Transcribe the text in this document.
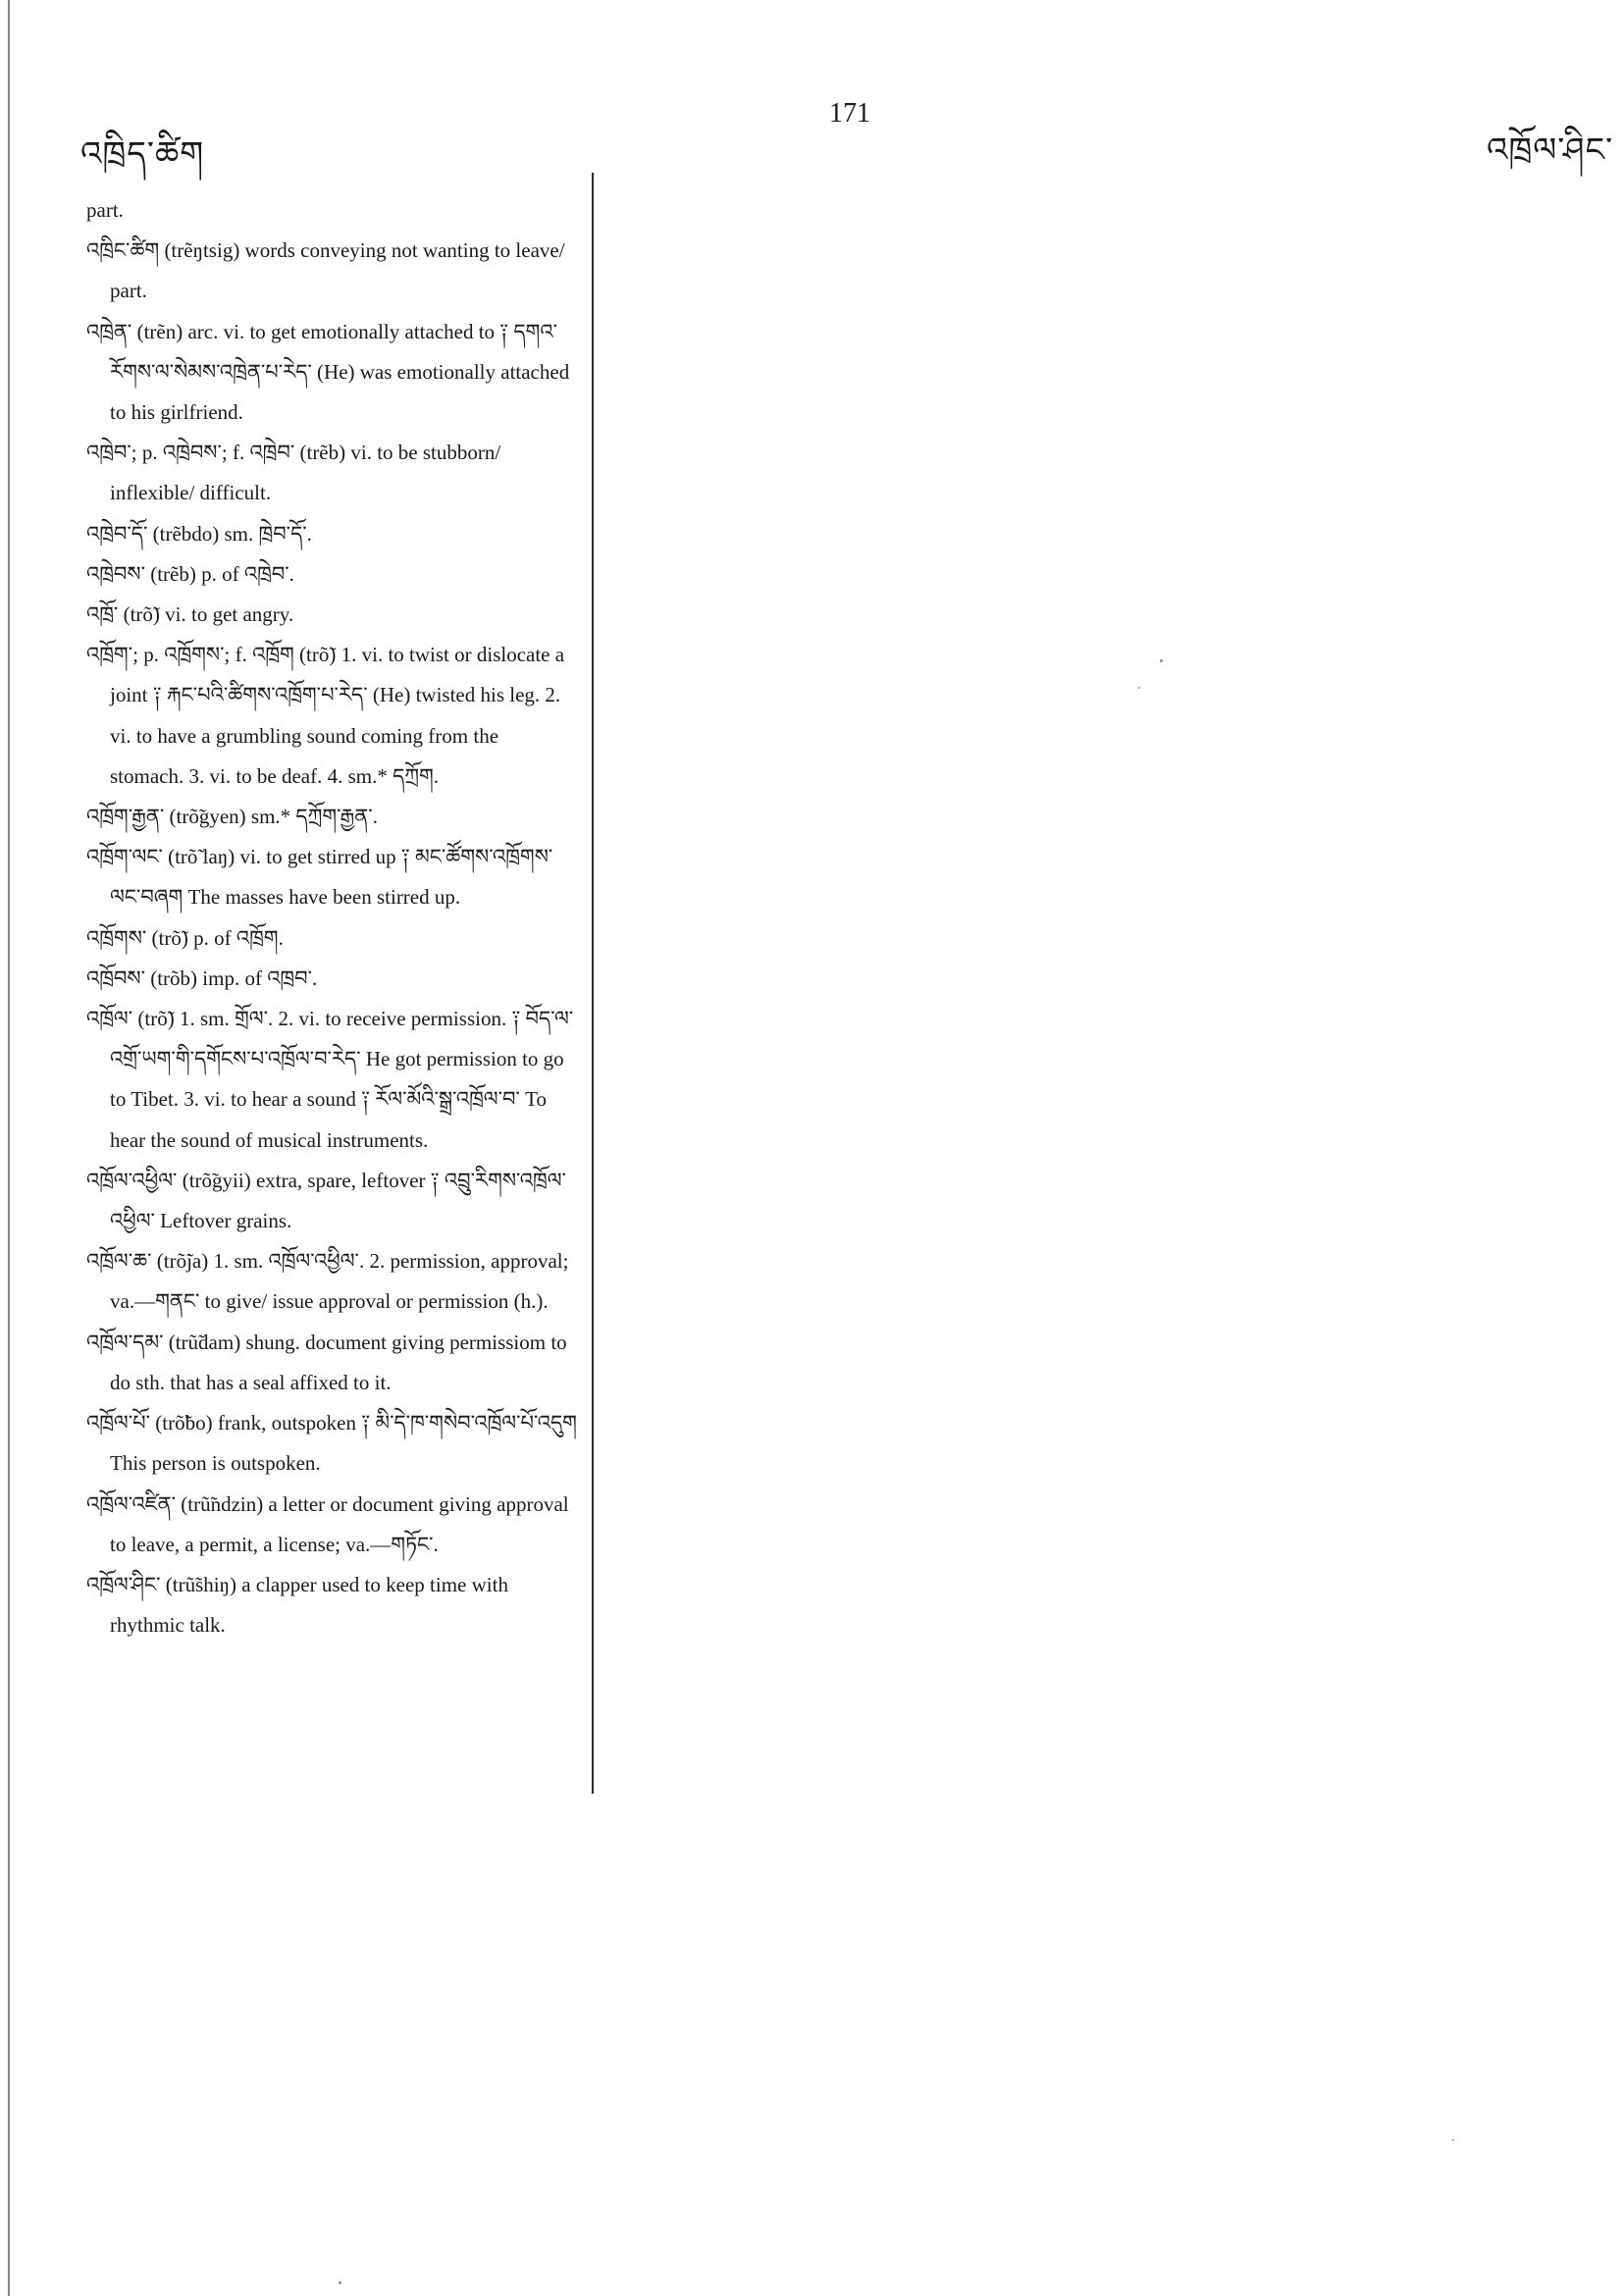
འཁྲིད་ཚིག
171
འཁྲོལ་ཤིང་

part.

འཁྲིང་ཚིག (trẽŋtsig) words conveying not wanting to leave/ part.

འཁྲེན་ (trẽn) arc. vi. to get emotionally attached to ༑ དགའ་རོགས་ལ་སེམས་འཁྲེན་པ་རེད་ (He) was emotionally attached to his girlfriend.

འཁྲེབ་; p. འཁྲེབས་; f. འཁྲེབ་ (trẽb) vi. to be stubborn/ inflexible/ difficult.

འཁྲེབ་དོ་ (trẽbdo) sm. ཁྲེབ་དོ་.

འཁྲེབས་ (trẽb) p. of འཁྲེབ་.

འཁྲོ་ (trõ̃) vi. to get angry.

འཁྲོག་; p. འཁྲོགས་; f. འཁྲོག (trõ̃) 1. vi. to twist or dislocate a joint ༑ རྐང་པའི་ཚིགས་འཁྲོག་པ་རེད་ (He) twisted his leg. 2. vi. to have a grumbling sound coming from the stomach. 3. vi. to be deaf. 4. sm.* དཀྲོག.

འཁྲོག་རྒྱན་ (trõ̃gyen) sm.* དཀྲོག་རྒྱན་.

འཁྲོག་ལང་ (trõ̃ laŋ) vi. to get stirred up ༑ མང་ཚོགས་འཁྲོགས་ལང་བཞག The masses have been stirred up.

འཁྲོགས་ (trõ̃) p. of འཁྲོག.

འཁྲོབས་ (trõb) imp. of འཁྲབ་.

འཁྲོལ་ (trõ̃) 1. sm. གྲོལ་. 2. vi. to receive permission. ༑ བོད་ལ་འགྲོ་ཡག་གི་དགོངས་པ་འཁྲོལ་བ་རེད་ He got permission to go to Tibet. 3. vi. to hear a sound ༑ རོལ་མོའི་སྒྲ་འཁྲོལ་བ་ To hear the sound of musical instruments.

འཁྲོལ་འཕྱིལ་ (trõ̃gyii) extra, spare, leftover ༑ འབྲུ་རིགས་འཁྲོལ་འཕྱིལ་ Leftover grains.

འཁྲོལ་ཆ་ (trõ̃ja) 1. sm. འཁྲོལ་འཕྱིལ་. 2. permission, approval; va.—གནང་ to give/ issue approval or permission (h.).

འཁྲོལ་དམ་ (trũ̃dam) shung. document giving permissiom to do sth. that has a seal affixed to it.

འཁྲོལ་པོ་ (trõ̃bo) frank, outspoken ༑ མི་དེ་ཁ་གསེབ་འཁྲོལ་པོ་འདུག This person is outspoken.

འཁྲོལ་འཛིན་ (trũ̃ndzin) a letter or document giving approval to leave, a permit, a license; va.—གཏོང་.

འཁྲོལ་ཤིང་ (trũ̃shiŋ) a clapper used to keep time with rhythmic talk.
